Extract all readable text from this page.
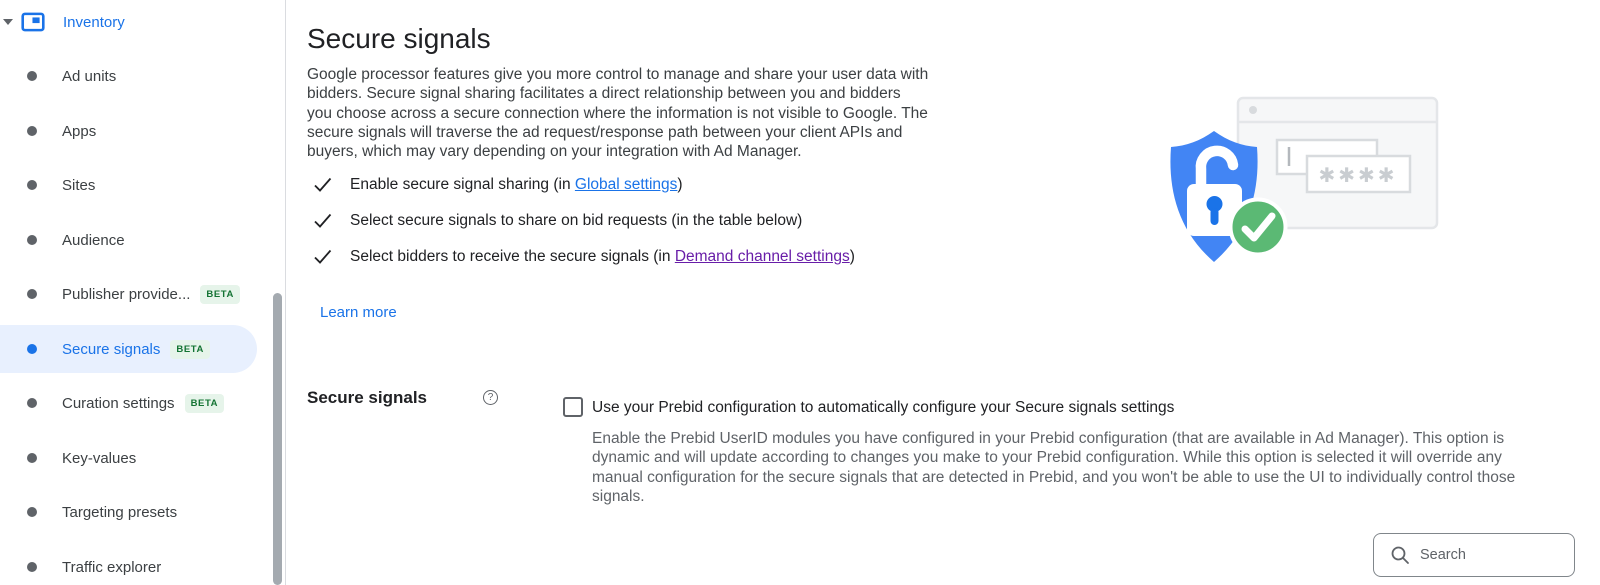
Inventory
Ad units
Apps
Sites
Audience
Publisher provide...	BETA
Secure signals	BETA
Curation settings	BETA
Key-values
Targeting presets
Traffic explorer
Secure signals

Google processor features give you more control to manage and share your user data with bidders. Secure signal sharing facilitates a direct relationship between you and bidders you choose across a secure connection where the information is not visible to Google. The secure signals will traverse the ad request/response path between your client APIs and buyers, which may vary depending on your integration with Ad Manager.

Enable secure signal sharing (in Global settings)
Select secure signals to share on bid requests (in the table below)
Select bidders to receive the secure signals (in Demand channel settings)
Learn more
Secure signals	?
Use your Prebid configuration to automatically configure your Secure signals settings

Enable the Prebid UserID modules you have configured in your Prebid configuration (that are available in Ad Manager). This option is dynamic and will update according to changes you make to your Prebid configuration. While this option is selected it will override any manual configuration for the secure signals that are detected in Prebid, and you won't be able to use the UI to individually control those signals.

Search
✱✱✱✱
